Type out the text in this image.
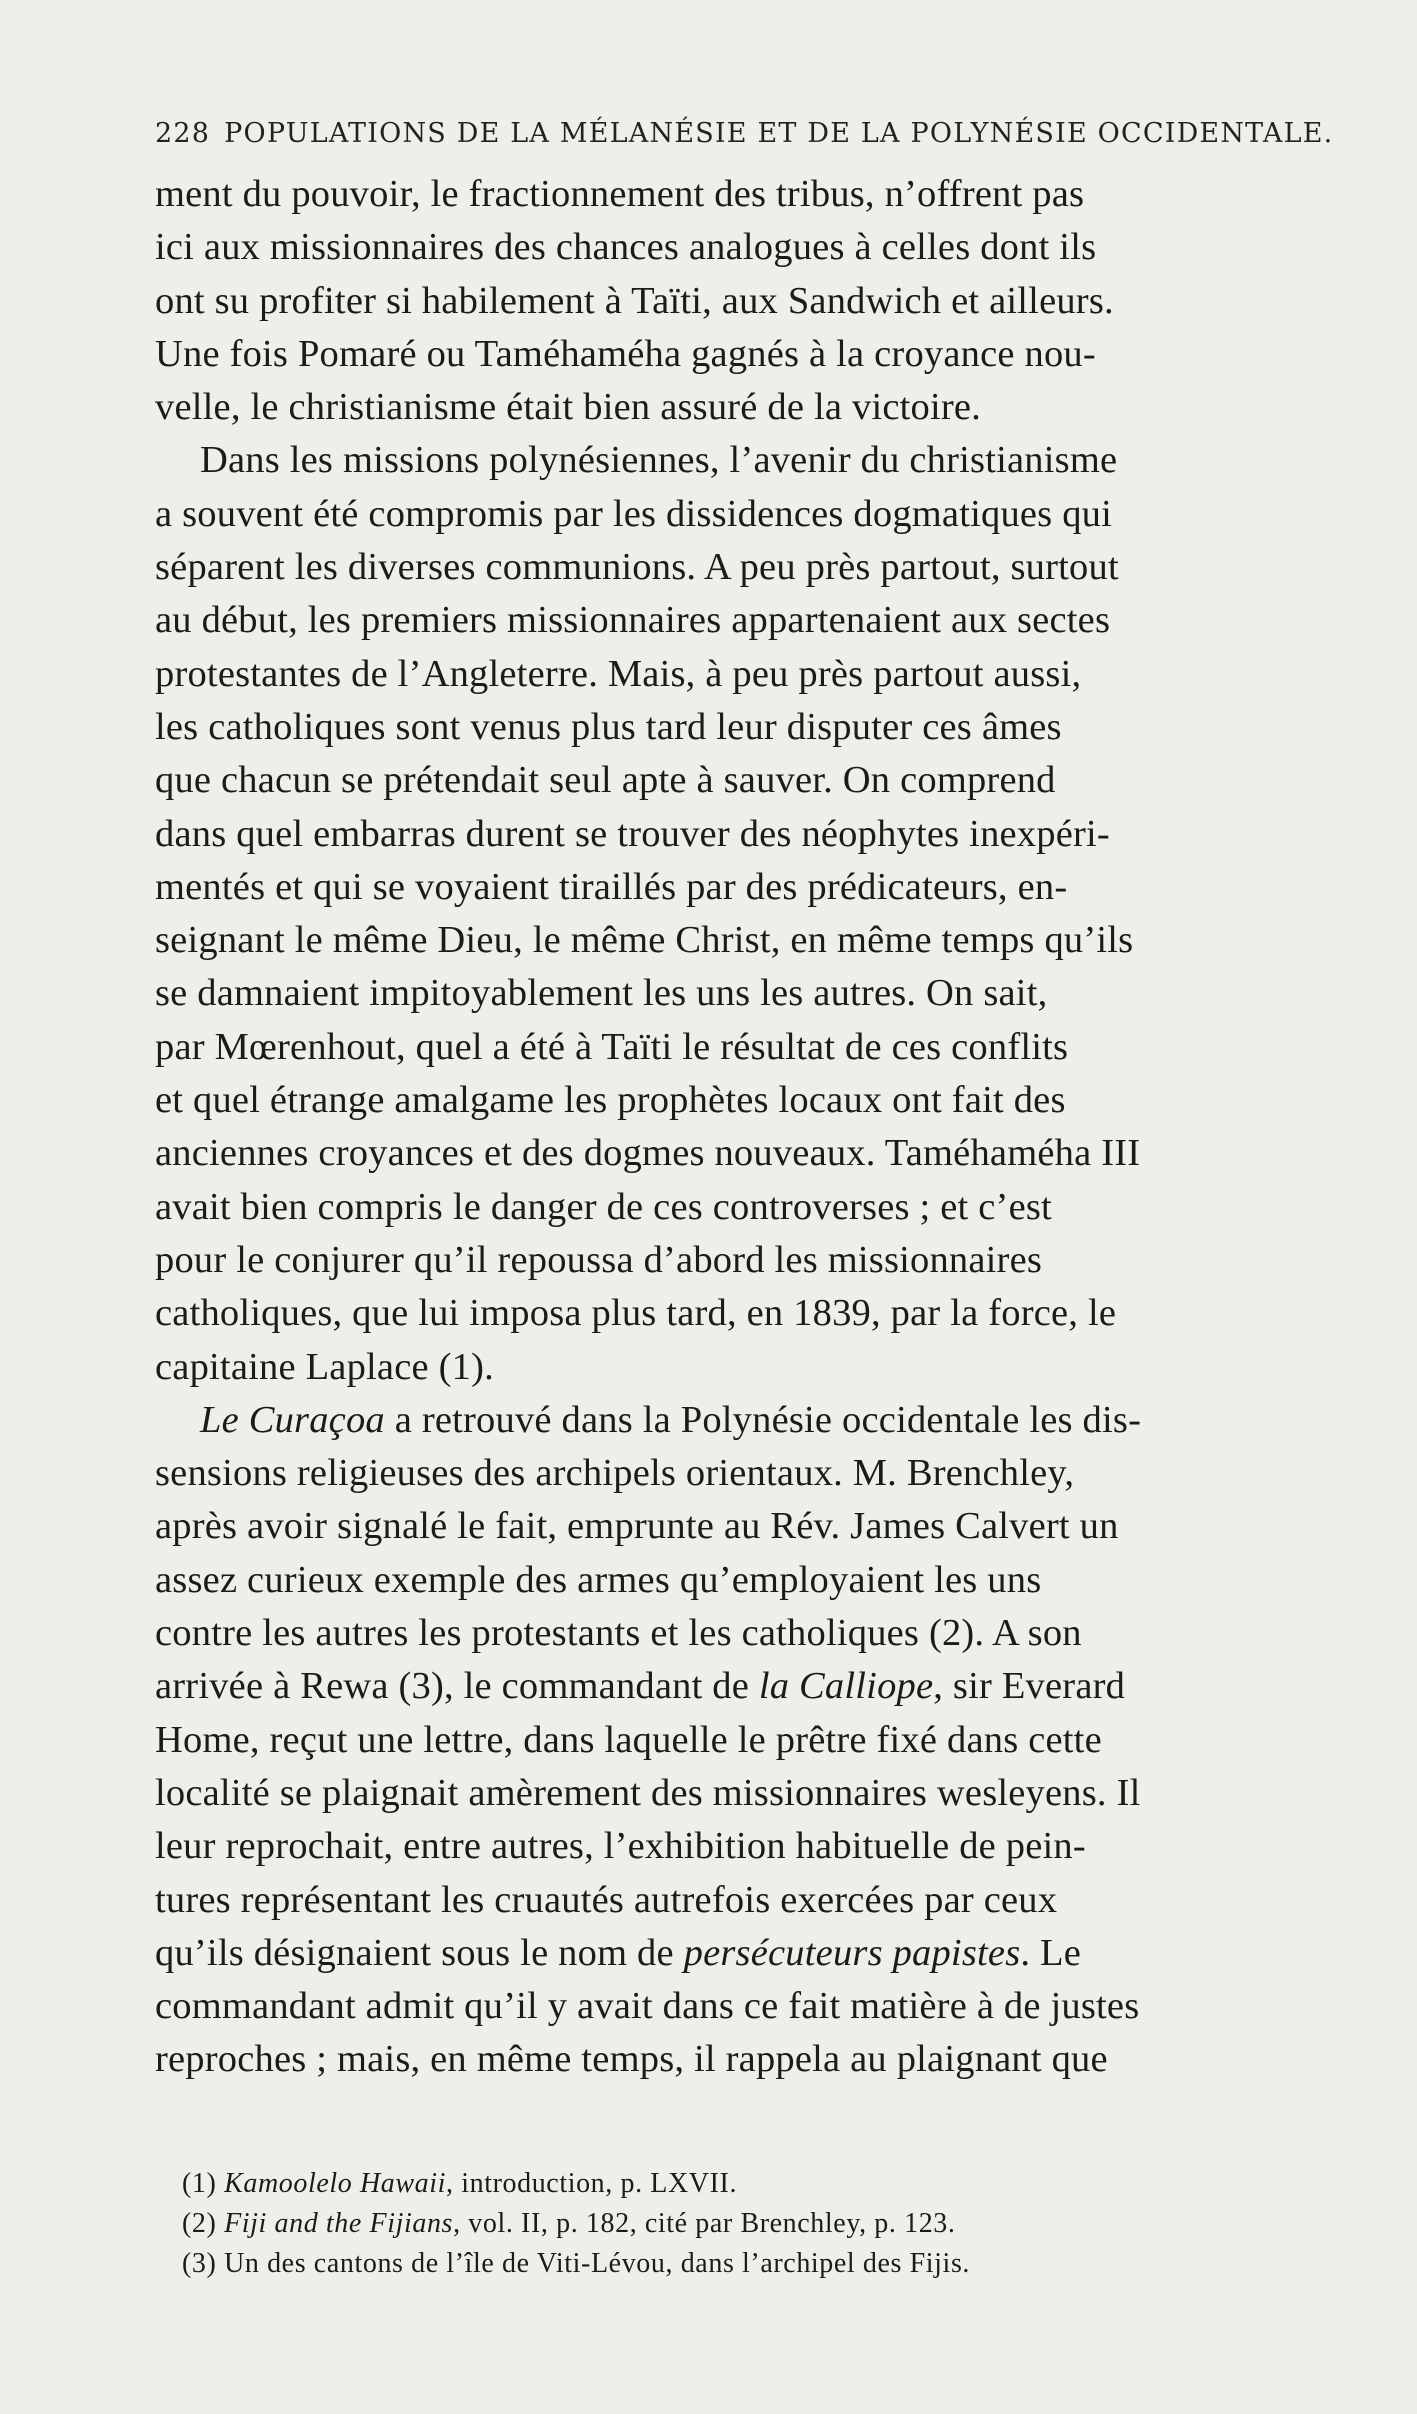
228 POPULATIONS DE LA MÉLANÉSIE ET DE LA POLYNÉSIE OCCIDENTALE.
ment du pouvoir, le fractionnement des tribus, n’offrent pas
ici aux missionnaires des chances analogues à celles dont ils
ont su profiter si habilement à Taïti, aux Sandwich et ailleurs.
Une fois Pomaré ou Taméhaméha gagnés à la croyance nou-
velle, le christianisme était bien assuré de la victoire.
Dans les missions polynésiennes, l’avenir du christianisme
a souvent été compromis par les dissidences dogmatiques qui
séparent les diverses communions. A peu près partout, surtout
au début, les premiers missionnaires appartenaient aux sectes
protestantes de l’Angleterre. Mais, à peu près partout aussi,
les catholiques sont venus plus tard leur disputer ces âmes
que chacun se prétendait seul apte à sauver. On comprend
dans quel embarras durent se trouver des néophytes inexpéri-
mentés et qui se voyaient tiraillés par des prédicateurs, en-
seignant le même Dieu, le même Christ, en même temps qu’ils
se damnaient impitoyablement les uns les autres. On sait,
par Mœrenhout, quel a été à Taïti le résultat de ces conflits
et quel étrange amalgame les prophètes locaux ont fait des
anciennes croyances et des dogmes nouveaux. Taméhaméha III
avait bien compris le danger de ces controverses ; et c’est
pour le conjurer qu’il repoussa d’abord les missionnaires
catholiques, que lui imposa plus tard, en 1839, par la force, le
capitaine Laplace (1).
Le Curaçoa a retrouvé dans la Polynésie occidentale les dis-
sensions religieuses des archipels orientaux. M. Brenchley,
après avoir signalé le fait, emprunte au Rév. James Calvert un
assez curieux exemple des armes qu’employaient les uns
contre les autres les protestants et les catholiques (2). A son
arrivée à Rewa (3), le commandant de la Calliope, sir Everard
Home, reçut une lettre, dans laquelle le prêtre fixé dans cette
localité se plaignait amèrement des missionnaires wesleyens. Il
leur reprochait, entre autres, l’exhibition habituelle de pein-
tures représentant les cruautés autrefois exercées par ceux
qu’ils désignaient sous le nom de persécuteurs papistes. Le
commandant admit qu’il y avait dans ce fait matière à de justes
reproches ; mais, en même temps, il rappela au plaignant que
(1) Kamoolelo Hawaii, introduction, p. LXVII.
(2) Fiji and the Fijians, vol. II, p. 182, cité par Brenchley, p. 123.
(3) Un des cantons de l’île de Viti-Lévou, dans l’archipel des Fijis.
